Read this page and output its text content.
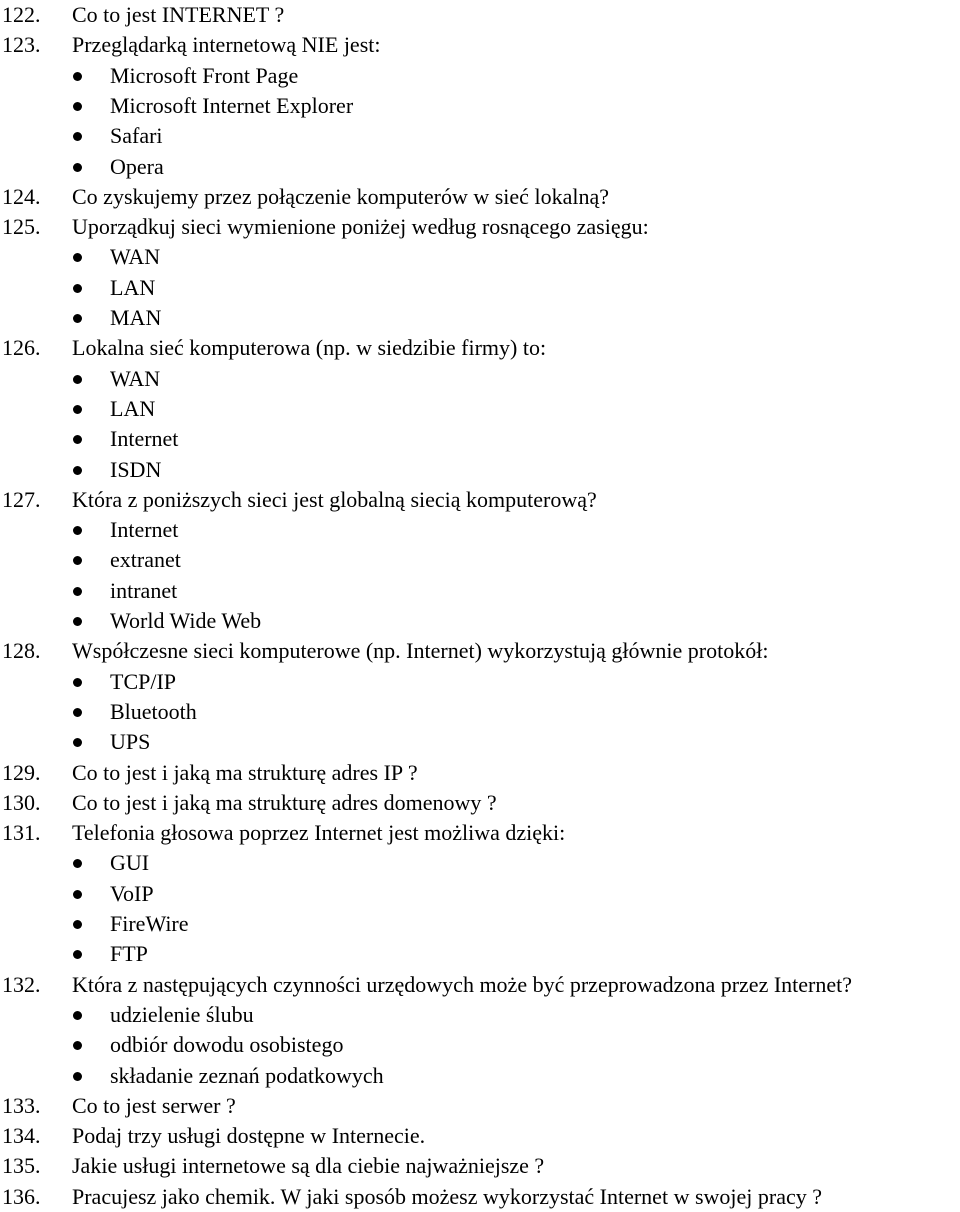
122. Co to jest INTERNET ?
123. Przeglądarką internetową NIE jest:
Microsoft Front Page
Microsoft Internet Explorer
Safari
Opera
124. Co zyskujemy przez połączenie komputerów w sieć lokalną?
125. Uporządkuj sieci wymienione poniżej według rosnącego zasięgu:
WAN
LAN
MAN
126. Lokalna sieć komputerowa (np. w siedzibie firmy) to:
WAN
LAN
Internet
ISDN
127. Która z poniższych sieci jest globalną siecią komputerową?
Internet
extranet
intranet
World Wide Web
128. Współczesne sieci komputerowe (np. Internet) wykorzystują głównie protokół:
TCP/IP
Bluetooth
UPS
129. Co to jest i jaką ma strukturę adres IP ?
130. Co to jest i jaką ma strukturę adres domenowy ?
131. Telefonia głosowa poprzez Internet jest możliwa dzięki:
GUI
VoIP
FireWire
FTP
132. Która z następujących czynności urzędowych może być przeprowadzona przez Internet?
udzielenie ślubu
odbiór dowodu osobistego
składanie zeznań podatkowych
133. Co to jest serwer ?
134. Podaj trzy usługi dostępne w Internecie.
135. Jakie usługi internetowe są dla ciebie najważniejsze ?
136. Pracujesz jako chemik. W jaki sposób możesz wykorzystać Internet w swojej pracy ?
